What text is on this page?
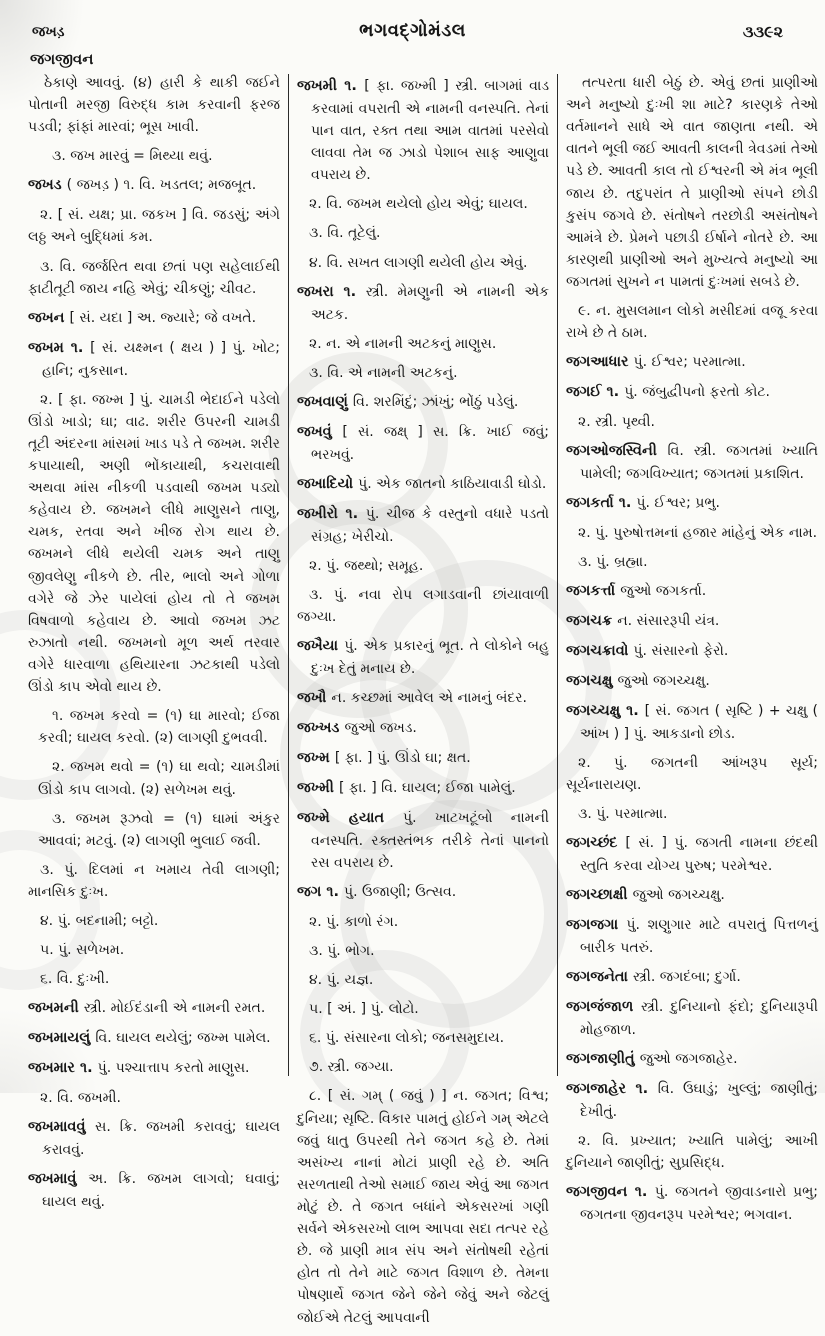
જખડ઼	ભગવદ્ગોમંડલ	૩૩૯૨
જગજીવન

ઠેકાણે આવવું. (૪) હારી કે થાકી જઈને પોતાની મરજી વિરુદ્ધ કામ કરવાની ફરજ પડવી; ફાંફાં મારવાં; ભૂસ ખાવી.

૩. જખ મારવું = મિથ્યા થવું.

જખડ ( જખડ઼ ) ૧. વિ. ખડતલ; મજબૂત.

૨. [ સં. યક્ષ; પ્રા. જકખ ] વિ. જડસું; અંગે લઠ્ઠ અને બુદ્ધિમાં કમ.

૩. વિ. જર્જરિત થવા છતાં પણ સહેલાઈથી ફાટીતૂટી જાય નહિ એવું; ચીકણું; ચીવટ.

જખન [ સં. યદા ] અ. જ્યારે; જે વખતે.

જખમ ૧. [ સં. યક્ષ્મન ( ક્ષય ) ] પું. ખોટ; હાનિ; નુકસાન.

૨. [ ફા. જખ્મ ] પું. ચામડી ભેદાઈને પડેલો ઊંડો ખાડો; ઘા; વાઢ. શરીર ઉપરની ચામડી તૂટી અંદરના માંસમાં ખાડ પડે તે જખમ. શરીર કપાયાથી, અણી ભોંકાયાથી, કચરાવાથી અથવા માંસ નીકળી પડવાથી જખમ પડ્યો કહેવાય છે. જખમને લીધે માણુસને તાણુ, ચમક, રતવા અને ખીજ રોગ થાય છે. જખમને લીધે થયેલી ચમક અને તાણુ જીવલેણુ નીકળે છે. તીર, ભાલો અને ગોળા વગેરે જે ઝેર પાયેલાં હોય તો તે જખમ વિષવાળો કહેવાય છે. આવો જખમ ઝટ રુઝાતો નથી. જખમનો મૂળ અર્થ તરવાર વગેરે ધારવાળા હથિયારના ઝટકાથી પડેલો ઊંડો કાપ એવો થાય છે.

૧. જખમ કરવો = (૧) ઘા મારવો; ઈજા કરવી; ઘાયલ કરવો. (૨) લાગણી દુભવવી.

૨. જખમ થવો = (૧) ઘા થવો; ચામડીમાં ઊંડો કાપ લાગવો. (૨) સળેખમ થવું.

૩. જખમ રૂઝવો = (૧) ઘામાં અંકુર આવવાં; મટવું. (૨) લાગણી ભુલાઈ જવી.

૩. પું. દિલમાં ન ખમાય તેવી લાગણી; માનસિક દુઃખ.

૪. પું. બદનામી; બટ્ટો.

૫. પું. સળેખમ.

૬. વિ. દુઃખી.

જખમની સ્ત્રી. મોઈદંડાની એ નામની રમત.

જખમાયલું વિ. ઘાયલ થયેલું; જખ્મ પામેલ.

જખમાર ૧. પું. પશ્ચાત્તાપ કરતો માણુસ.

૨. વિ. જખમી.

જખમાવવું સ. ક્રિ. જખમી કરાવવું; ઘાયલ કરાવવું.

જખમાવું અ. ક્રિ. જખમ લાગવો; ઘવાવું; ઘાયલ થવું.

જખમી ૧. [ ફા. જખ્મી ] સ્ત્રી. બાગમાં વાડ કરવામાં વપરાતી એ નામની વનસ્પતિ. તેનાં પાન વાત, રક્ત તથા આમ વાતમાં પરસેવો લાવવા તેમ જ ઝાડો પેશાબ સાફ આણુવા વપરાય છે.

૨. વિ. જખમ થયેલો હોય એવું; ઘાયલ.

૩. વિ. તૂટેલું.

૪. વિ. સખત લાગણી થયેલી હોય એવું.

જખરા ૧. સ્ત્રી. મેમણુની એ નામની એક અટક.

૨. ન. એ નામની અટકનું માણુસ.

૩. વિ. એ નામની અટકનું.

જખવાણું વિ. શરમિંદું; ઝાંખું; ભોંઠું પડેલું.

જખવું [ સં. જક્ષ્ ] સ. ક્રિ. ખાઈ જવું; ભરખવું.

જખાદિયો પું. એક જાતનો કાઠિયાવાડી ઘોડો.

જખીરો ૧. પું. ચીજ કે વસ્તુનો વધારે પડતો સંગ્રહ; ખેરીચો.

૨. પું. જથ્થો; સમૂહ.

૩. પું. નવા રોપ લગાડવાની છાંયાવાળી જગ્યા.

જખૈયા પું. એક પ્રકારનું ભૂત. તે લોકોને બહુ દુઃખ દેતું મનાય છે.

જખૌ ન. કચ્છમાં આવેલ એ નામનું બંદર.

જખ્ખડ જુઓ જખડ.

જખ્મ [ ફા. ] પું. ઊંડો ઘા; ક્ષત.

જખ્મી [ ફા. ] વિ. ઘાયલ; ઈજા પામેલું.

જખ્મે હયાત પું. ખાટખટૂંબો નામની વનસ્પતિ. રક્તસ્તંભક તરીકે તેનાં પાનનો રસ વપરાય છે.

જગ ૧. પું. ઉજાણી; ઉત્સવ.

૨. પું. કાળો રંગ.

૩. પું. ભોગ.

૪. પું. યજ્ઞ.

૫. [ અં. ] પું. લોટો.

૬. પું. સંસારના લોકો; જનસમુદાય.

૭. સ્ત્રી. જગ્યા.

૮. [ સં. ગમ્ ( જવું ) ] ન. જગત; વિશ્વ; દુનિયા; સૃષ્ટિ. વિકાર પામતું હોઈને ગમ્ એટલે જવું ધાતુ ઉપરથી તેને જગત કહે છે. તેમાં અસંખ્ય નાનાં મોટાં પ્રાણી રહે છે. અતિ સરળતાથી તેઓ સમાઈ જાય એવું આ જગત મોટું છે. તે જગત બધાંને એકસરખાં ગણી સર્વને એકસરખો લાભ આપવા સદા તત્પર રહે છે. જે પ્રાણી માત્ર સંપ અને સંતોષથી રહેતાં હોત તો તેને માટે જગત વિશાળ છે. તેમના પોષણાર્થે જગત જેને જેને જેવું અને જેટલું જોઈએ તેટલું આપવાની

તત્પરતા ધારી બેઠું છે. એવું છતાં પ્રાણીઓ અને મનુષ્યો દુઃખી શા માટે? કારણકે તેઓ વર્તમાનને સાધે એ વાત જાણતા નથી. એ વાતને ભૂલી જઈ આવતી કાલની ત્રેવડમાં તેઓ પડે છે. આવતી કાલ તો ઈશ્વરની એ મંત્ર ભૂલી જાય છે. તદુપરાંત તે પ્રાણીઓ સંપને છોડી કુસંપ જગવે છે. સંતોષને તરછોડી અસંતોષને આમંત્રે છે. પ્રેમને પછાડી ઈર્ષાને નોતરે છે. આ કારણથી પ્રાણીઓ અને મુખ્યત્વે મનુષ્યો આ જગતમાં સુખને ન પામતાં દુઃખમાં સબડે છે.

૯. ન. મુસલમાન લોકો મસીદમાં વજૂ કરવા રાખે છે તે ઠામ.

જગઆધાર પું. ઈશ્વર; પરમાત્મા.

જગઈ ૧. પું. જંબુદ્વીપનો ફરતો કોટ.

૨. સ્ત્રી. પૃથ્વી.

જગઓજસ્વિની વિ. સ્ત્રી. જગતમાં ખ્યાતિ પામેલી; જગવિખ્યાત; જગતમાં પ્રકાશિત.

જગકર્તા ૧. પું. ઈશ્વર; પ્રભુ.

૨. પું. પુરુષોત્તમનાં હજાર માંહેનું એક નામ.

૩. પું. બ્રહ્મા.

જગકર્ત્તા જુઓ જગકર્તા.

જગચક્ર ન. સંસારરૂપી યંત્ર.

જગચક્રાવો પું. સંસારનો ફેરો.

જગચક્ષુ જુઓ જગચ્ચક્ષુ.

જગચ્ચક્ષુ ૧. [ સં. જગત ( સૃષ્ટિ ) + ચક્ષુ ( આંખ ) ] પું. આકડાનો છોડ.

૨. પું. જગતની આંખરૂપ સૂર્ય; સૂર્યનારાયણ.

૩. પું. પરમાત્મા.

જગચ્છંદ [ સં. ] પું. જગતી નામના છંદથી સ્તુતિ કરવા યોગ્ય પુરુષ; પરમેશ્વર.

જગચ્છાક્ષી જુઓ જગચ્ચક્ષુ.

જગજગા પું. શણુગાર માટે વપરાતું પિત્તળનું બારીક પતરું.

જગજનેતા સ્ત્રી. જગદંબા; દુર્ગા.

જગજંજાળ સ્ત્રી. દુનિયાનો ફંદો; દુનિયારૂપી મોહજાળ.

જગજાણીતું જુઓ જગજાહેર.

જગજાહેર ૧. વિ. ઉઘાડું; ખુલ્લું; જાણીતું; દેખીતું.

૨. વિ. પ્રખ્યાત; ખ્યાતિ પામેલું; આખી દુનિયાને જાણીતું; સુપ્રસિદ્ધ.

જગજીવન ૧. પું. જગતને જીવાડનારો પ્રભુ; જગતના જીવનરૂપ પરમેશ્વર; ભગવાન.
